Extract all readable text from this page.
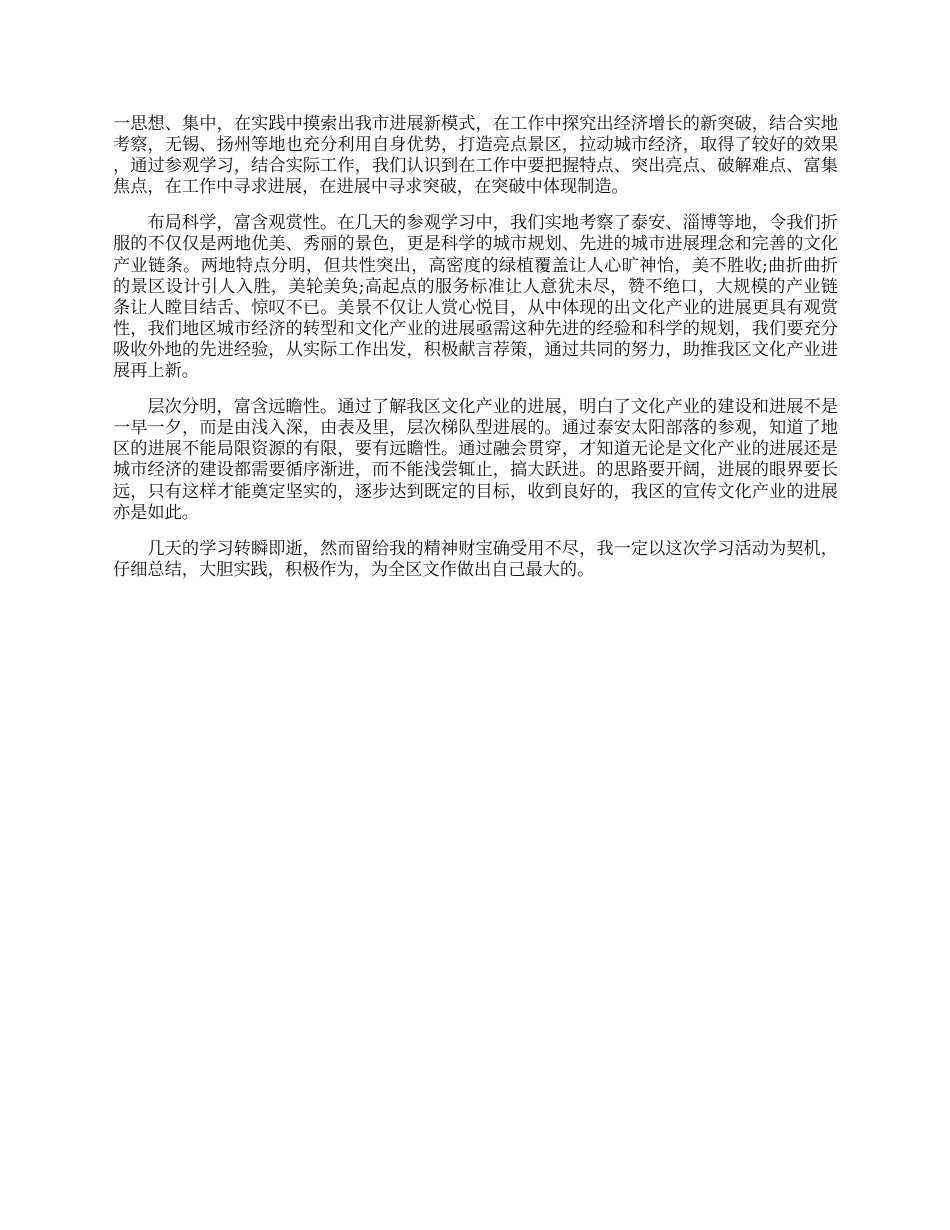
一思想、集中，在实践中摸索出我市进展新模式，在工作中探究出经济增长的新突破，结合实地考察，无锡、扬州等地也充分利用自身优势，打造亮点景区，拉动城市经济，取得了较好的效果，通过参观学习，结合实际工作，我们认识到在工作中要把握特点、突出亮点、破解难点、富集焦点，在工作中寻求进展，在进展中寻求突破，在突破中体现制造。

布局科学，富含观赏性。在几天的参观学习中，我们实地考察了泰安、淄博等地，令我们折服的不仅仅是两地优美、秀丽的景色，更是科学的城市规划、先进的城市进展理念和完善的文化产业链条。两地特点分明，但共性突出，高密度的绿植覆盖让人心旷神怡，美不胜收;曲折曲折的景区设计引人入胜，美轮美奂;高起点的服务标准让人意犹未尽，赞不绝口，大规模的产业链条让人瞠目结舌、惊叹不已。美景不仅让人赏心悦目，从中体现的出文化产业的进展更具有观赏性，我们地区城市经济的转型和文化产业的进展亟需这种先进的经验和科学的规划，我们要充分吸收外地的先进经验，从实际工作出发，积极献言荐策，通过共同的努力，助推我区文化产业进展再上新。

层次分明，富含远瞻性。通过了解我区文化产业的进展，明白了文化产业的建设和进展不是一早一夕，而是由浅入深，由表及里，层次梯队型进展的。通过泰安太阳部落的参观，知道了地区的进展不能局限资源的有限，要有远瞻性。通过融会贯穿，才知道无论是文化产业的进展还是城市经济的建设都需要循序渐进，而不能浅尝辄止，搞大跃进。的思路要开阔，进展的眼界要长远，只有这样才能奠定坚实的，逐步达到既定的目标，收到良好的，我区的宣传文化产业的进展亦是如此。

几天的学习转瞬即逝，然而留给我的精神财宝确受用不尽，我一定以这次学习活动为契机，仔细总结，大胆实践，积极作为，为全区文作做出自己最大的。
